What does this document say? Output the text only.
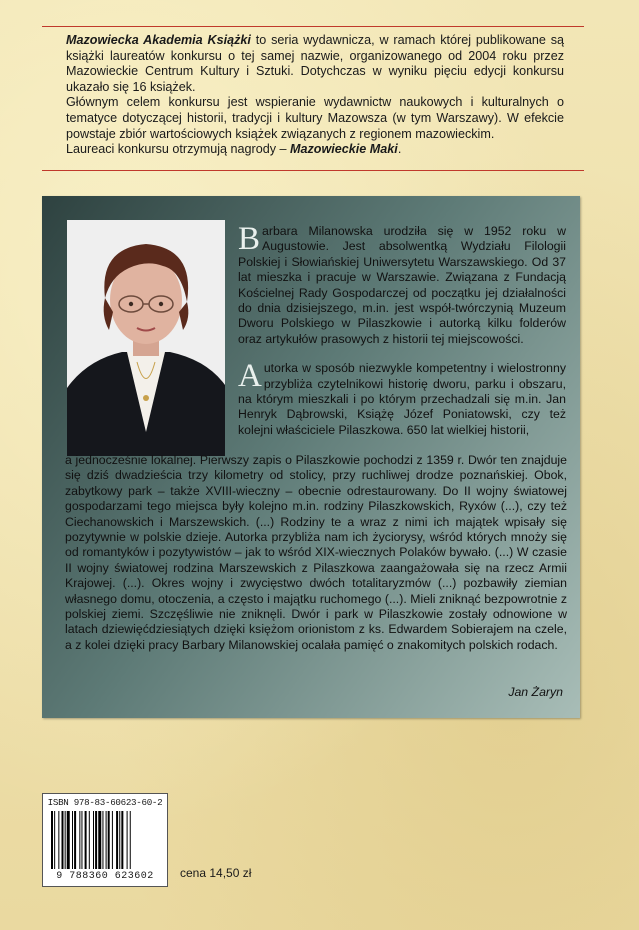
Mazowiecka Akademia Książki to seria wydawnicza, w ramach której publikowane są książki laureatów konkursu o tej samej nazwie, organizowanego od 2004 roku przez Mazowieckie Centrum Kultury i Sztuki. Dotychczas w wyniku pięciu edycji konkursu ukazało się 16 książek.

Głównym celem konkursu jest wspieranie wydawnictw naukowych i kulturalnych o tematyce dotyczącej historii, tradycji i kultury Mazowsza (w tym Warszawy). W efekcie powstaje zbiór wartościowych książek związanych z regionem mazowieckim.

Laureaci konkursu otrzymują nagrody – Mazowieckie Maki.

Barbara Milanowska urodziła się w 1952 roku w Augustowie. Jest absolwentką Wydziału Filologii Polskiej i Słowiańskiej Uniwersytetu Warszawskiego. Od 37 lat mieszka i pracuje w Warszawie. Związana z Fundacją Kościelnej Rady Gospodarczej od początku jej działalności do dnia dzisiejszego, m.in. jest współ-twórczynią Muzeum Dworu Polskiego w Pilaszkowie i autorką kilku folderów oraz artykułów prasowych z historii tej miejscowości.

Autorka w sposób niezwykle kompetentny i wielostronny przybliża czytelnikowi historię dworu, parku i obszaru, na którym mieszkali i po którym przechadzali się m.in. Jan Henryk Dąbrowski, Książę Józef Poniatowski, czy też kolejni właściciele Pilaszkowa. 650 lat wielkiej historii,

a jednocześnie lokalnej. Pierwszy zapis o Pilaszkowie pochodzi z 1359 r. Dwór ten znajduje się dziś dwadzieścia trzy kilometry od stolicy, przy ruchliwej drodze poznańskiej. Obok, zabytkowy park – także XVIII-wieczny – obecnie odrestaurowany. Do II wojny światowej gospodarzami tego miejsca były kolejno m.in. rodziny Pilaszkowskich, Ryxów (...), czy też Ciechanowskich i Marszewskich. (...) Rodziny te a wraz z nimi ich majątek wpisały się pozytywnie w polskie dzieje. Autorka przybliża nam ich życiorysy, wśród których mnoży się od romantyków i pozytywistów – jak to wśród XIX-wiecznych Polaków bywało. (...) W czasie II wojny światowej rodzina Marszewskich z Pilaszkowa zaangażowała się na rzecz Armii Krajowej. (...). Okres wojny i zwycięstwo dwóch totalitaryzmów (...) pozbawiły ziemian własnego domu, otoczenia, a często i majątku ruchomego (...). Mieli zniknąć bezpowrotnie z polskiej ziemi. Szczęśliwie nie zniknęli. Dwór i park w Pilaszkowie zostały odnowione w latach dziewięćdziesiątych dzięki księżom orionistom z ks. Edwardem Sobierajem na czele, a z kolei dzięki pracy Barbary Milanowskiej ocalała pamięć o znakomitych polskich rodach.

Jan Żaryn
ISBN 978-83-60623-60-2
9 788360 623602	cena 14,50 zł
